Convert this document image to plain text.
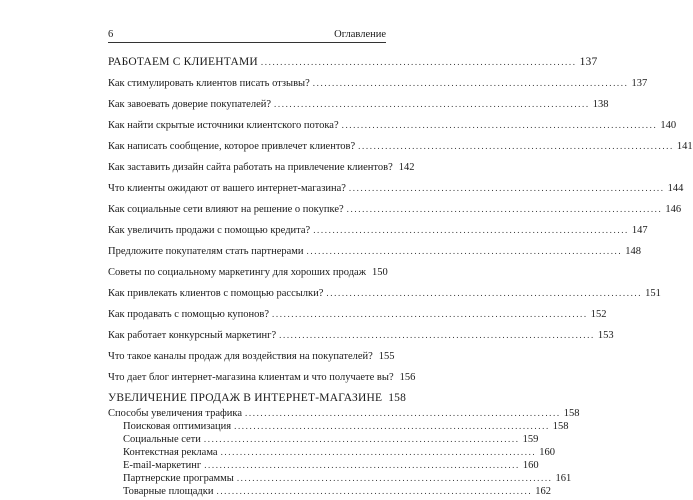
6	Оглавление
РАБОТАЕМ С КЛИЕНТАМИ .................................................................................. 137
Как стимулировать клиентов писать отзывы? .................................................................................. 137
Как завоевать доверие покупателей? .................................................................................. 138
Как найти скрытые источники клиентского потока? .................................................................................. 140
Как написать сообщение, которое привлечет клиентов? .................................................................................. 141
Как заставить дизайн сайта работать на привлечение клиентов? 142
Что клиенты ожидают от вашего интернет-магазина? .................................................................................. 144
Как социальные сети влияют на решение о покупке? .................................................................................. 146
Как увеличить продажи с помощью кредита? .................................................................................. 147
Предложите покупателям стать партнерами .................................................................................. 148
Советы по социальному маркетингу для хороших продаж 150
Как привлекать клиентов с помощью рассылки? .................................................................................. 151
Как продавать с помощью купонов? .................................................................................. 152
Как работает конкурсный маркетинг? .................................................................................. 153
Что такое каналы продаж для воздействия на покупателей? 155
Что дает блог интернет-магазина клиентам и что получаете вы? 156
УВЕЛИЧЕНИЕ ПРОДАЖ В ИНТЕРНЕТ-МАГАЗИНЕ 158
Способы увеличения трафика .................................................................................. 158
Поисковая оптимизация .................................................................................. 158
Социальные сети .................................................................................. 159
Контекстная реклама .................................................................................. 160
E-mail-маркетинг .................................................................................. 160
Партнерские программы .................................................................................. 161
Товарные площадки .................................................................................. 162
